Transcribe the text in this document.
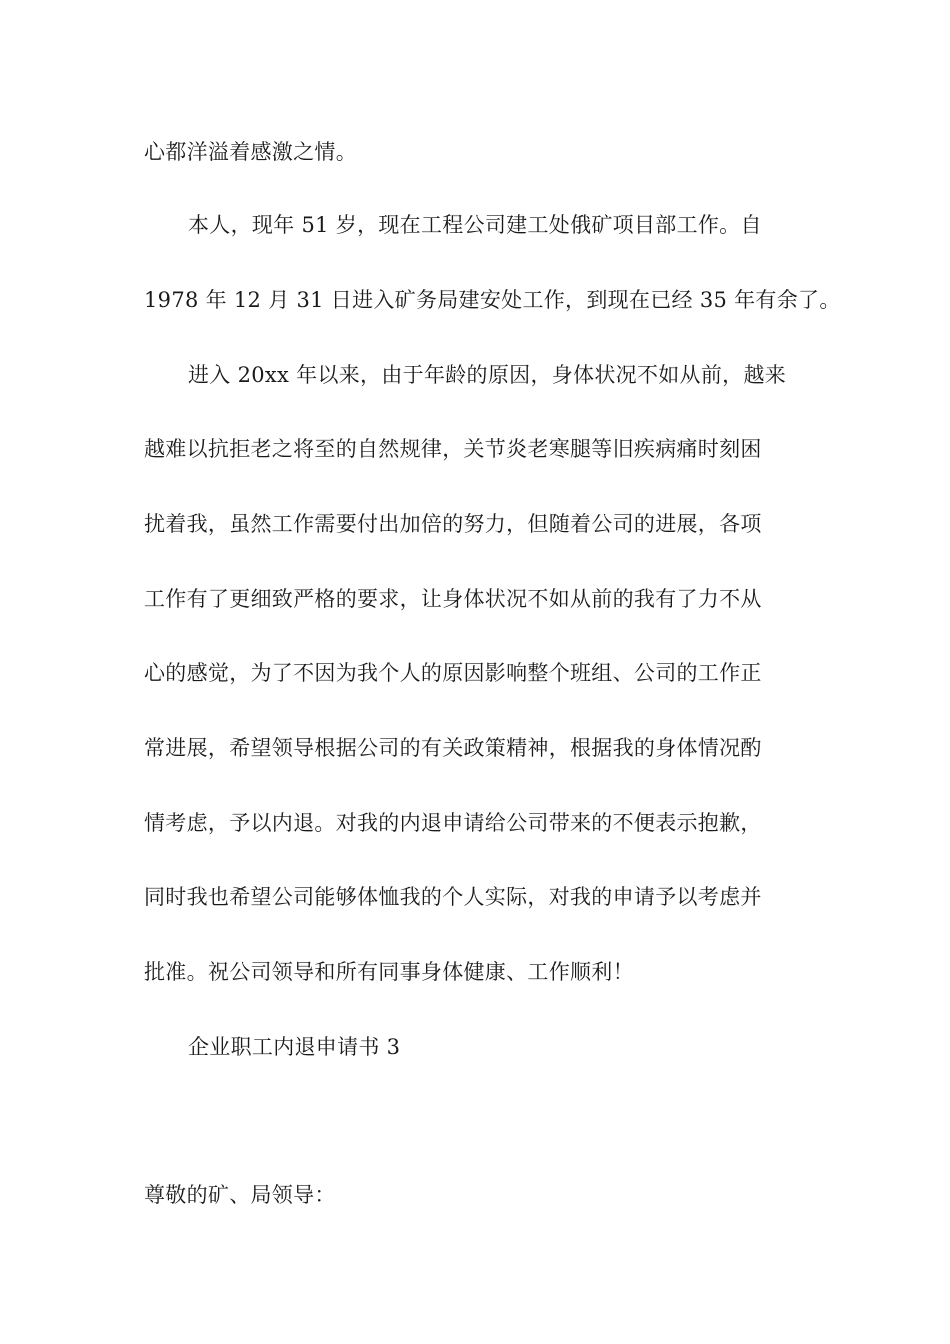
心都洋溢着感激之情。
本人，现年 51 岁，现在工程公司建工处俄矿项目部工作。自
1978 年 12 月 31 日进入矿务局建安处工作，到现在已经 35 年有余了。
进入 20xx 年以来，由于年龄的原因，身体状况不如从前，越来
越难以抗拒老之将至的自然规律，关节炎老寒腿等旧疾病痛时刻困
扰着我，虽然工作需要付出加倍的努力，但随着公司的进展，各项
工作有了更细致严格的要求，让身体状况不如从前的我有了力不从
心的感觉，为了不因为我个人的原因影响整个班组、公司的工作正
常进展，希望领导根据公司的有关政策精神，根据我的身体情况酌
情考虑，予以内退。对我的内退申请给公司带来的不便表示抱歉，
同时我也希望公司能够体恤我的个人实际，对我的申请予以考虑并
批准。祝公司领导和所有同事身体健康、工作顺利！
企业职工内退申请书 3
尊敬的矿、局领导：
